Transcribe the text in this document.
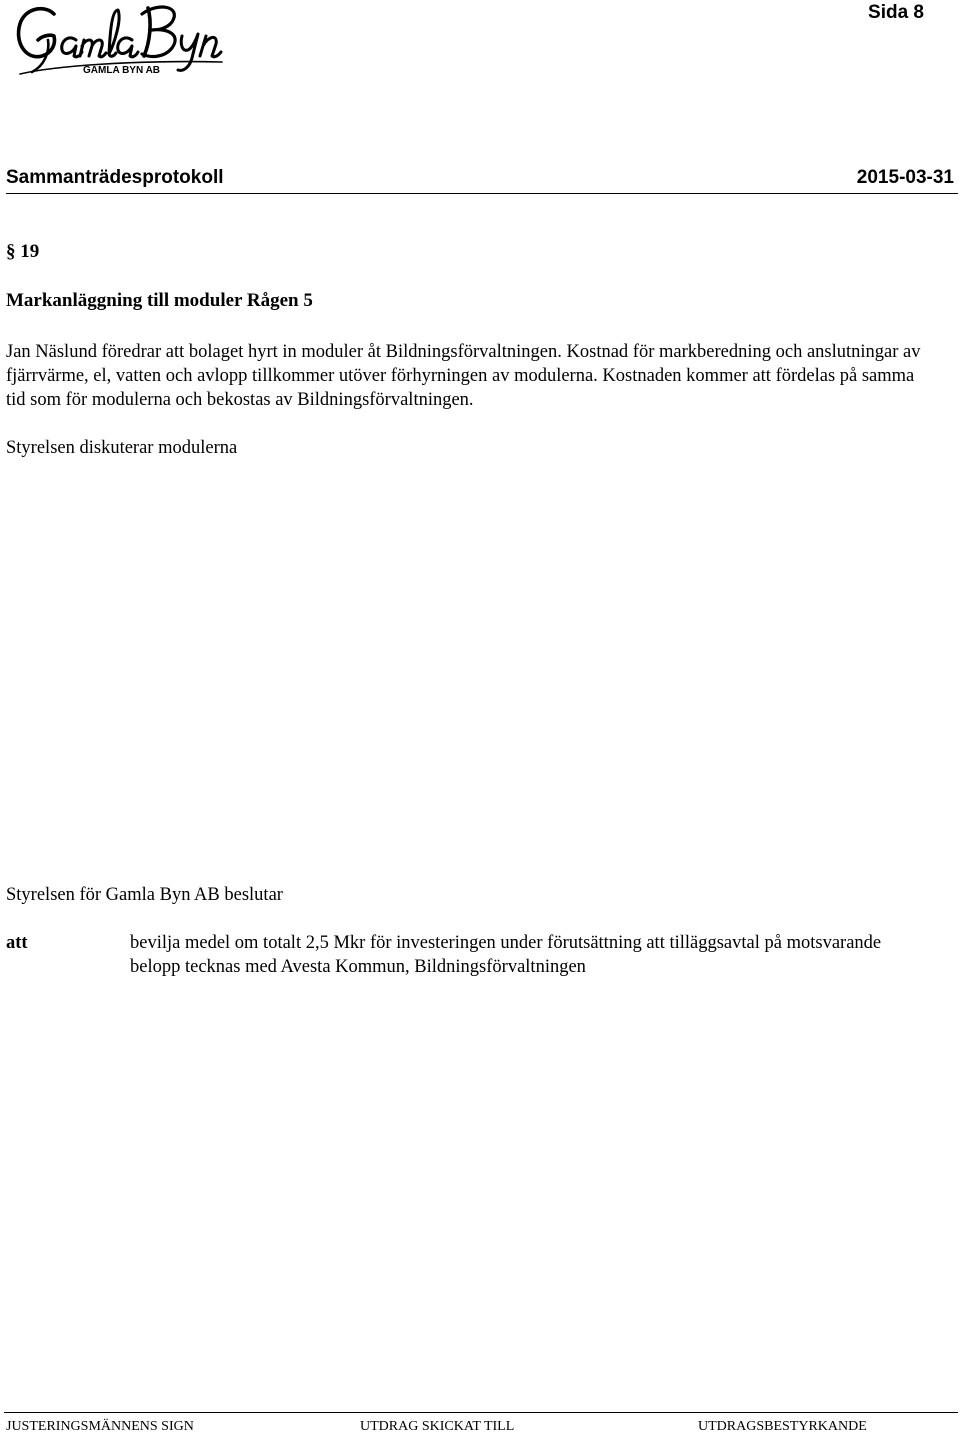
GAMLA BYN AB
Sida 8
Sammanträdesprotokoll	2015-03-31
§ 19
Markanläggning till moduler Rågen 5

Jan Näslund föredrar att bolaget hyrt in moduler åt Bildningsförvaltningen. Kostnad för markberedning och anslutningar av fjärrvärme, el, vatten och avlopp tillkommer utöver förhyrningen av modulerna. Kostnaden kommer att fördelas på samma tid som för modulerna och bekostas av Bildningsförvaltningen.

Styrelsen diskuterar modulerna

Styrelsen för Gamla Byn AB beslutar

att	bevilja medel om totalt 2,5 Mkr för investeringen under förutsättning att tilläggsavtal på motsvarande belopp tecknas med Avesta Kommun, Bildningsförvaltningen

JUSTERINGSMÄNNENS SIGN	UTDRAG SKICKAT TILL	UTDRAGSBESTYRKANDE
